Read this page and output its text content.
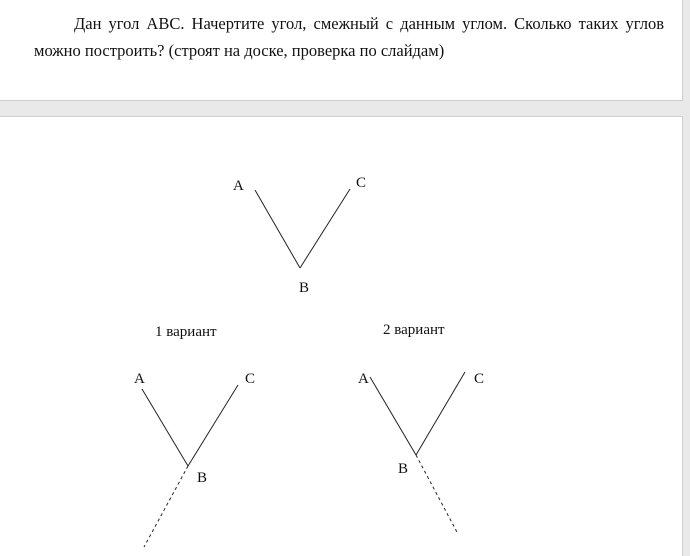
Дан угол ABC. Начертите угол, смежный с данным углом. Сколько таких углов можно построить? (строят на доске, проверка по слайдам)
A	C
B
1 вариант
A	C
B
2 вариант
A	C
B
